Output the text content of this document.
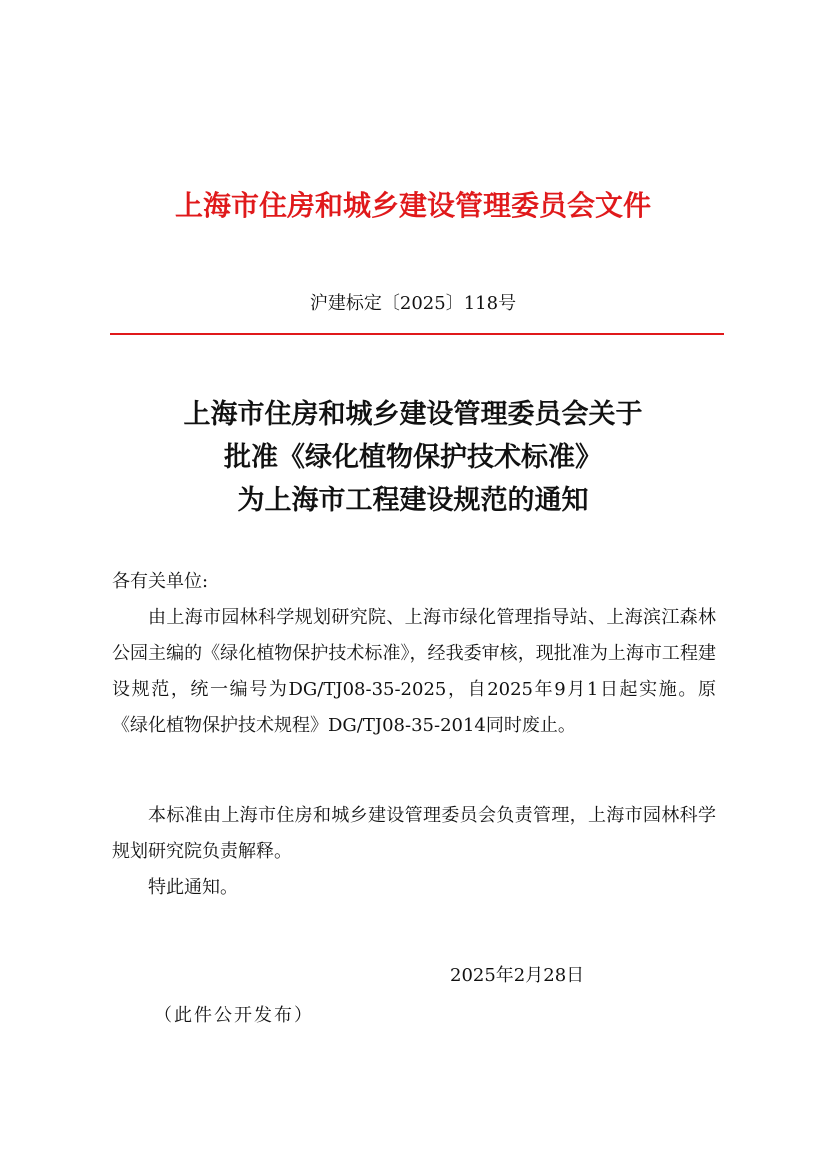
上海市住房和城乡建设管理委员会文件
沪建标定〔2025〕118号
上海市住房和城乡建设管理委员会关于
批准《绿化植物保护技术标准》
为上海市工程建设规范的通知
各有关单位:
由上海市园林科学规划研究院、上海市绿化管理指导站、上海滨江森林公园主编的《绿化植物保护技术标准》，经我委审核，现批准为上海市工程建设规范，统一编号为DG/TJ08-35-2025，自2025年9月1日起实施。原《绿化植物保护技术规程》DG/TJ08-35-2014同时废止。
本标准由上海市住房和城乡建设管理委员会负责管理，上海市园林科学规划研究院负责解释。
特此通知。
2025年2月28日
（此件公开发布）
